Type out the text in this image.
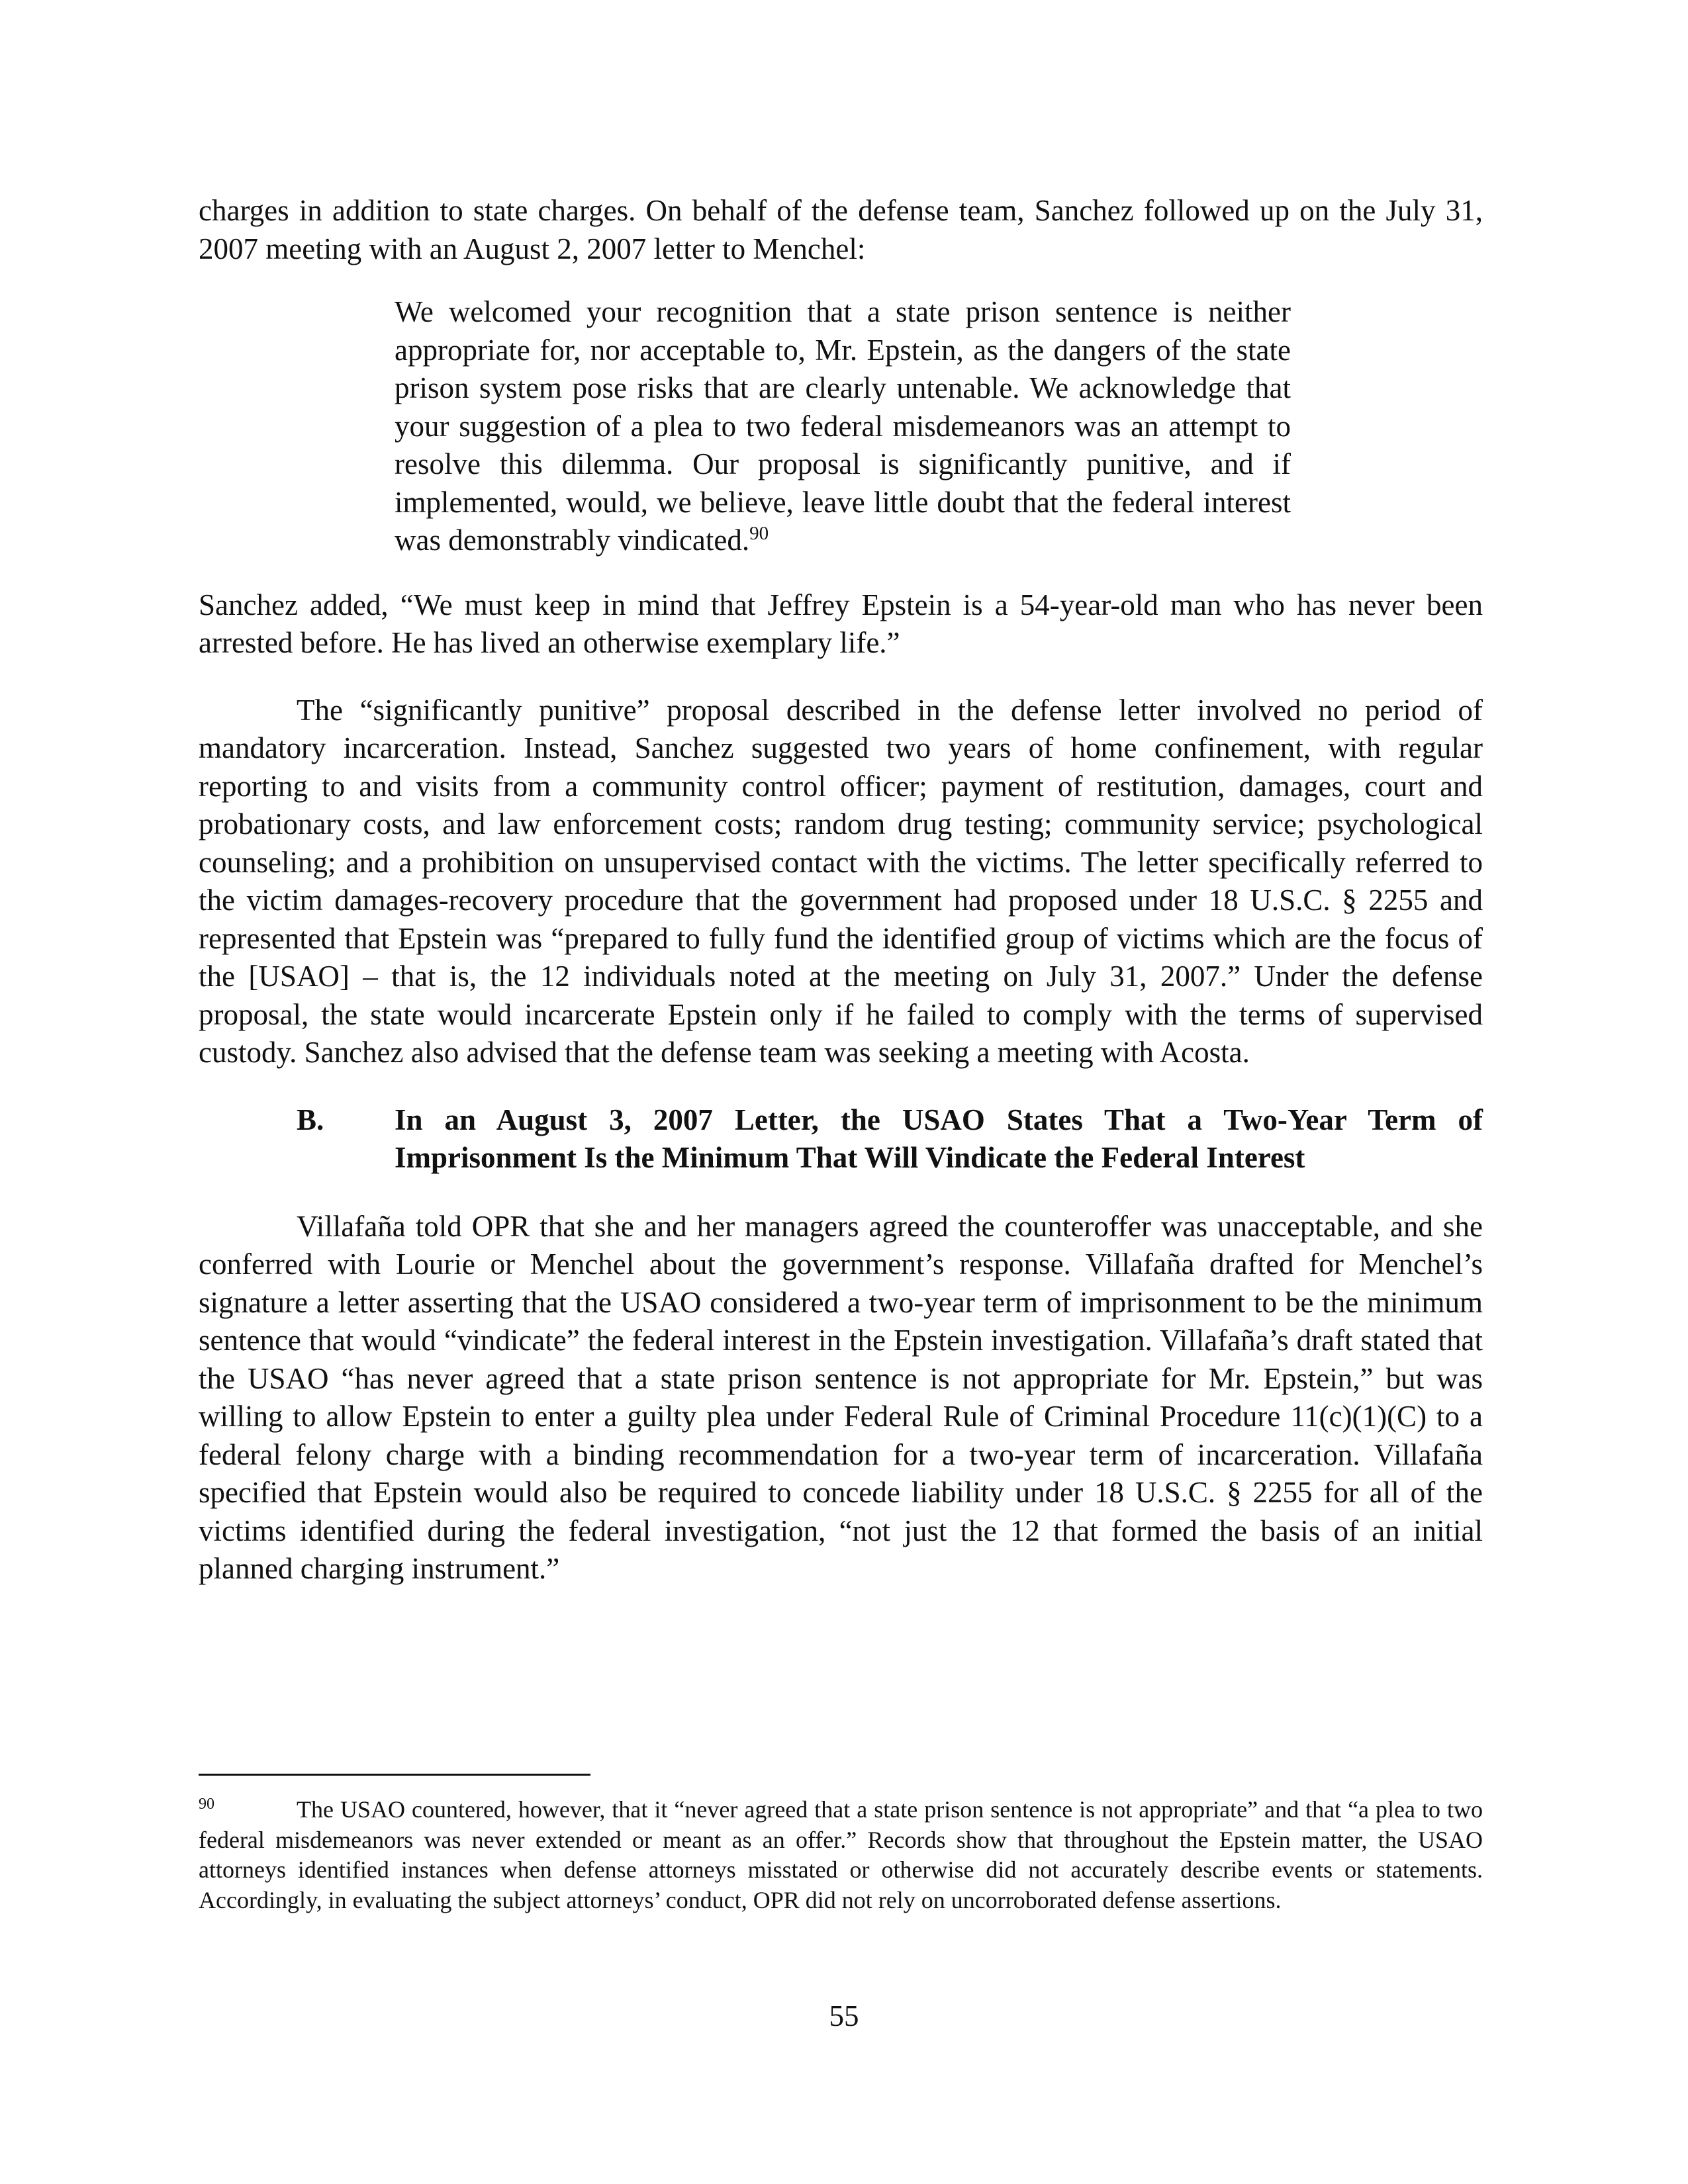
charges in addition to state charges. On behalf of the defense team, Sanchez followed up on the July 31, 2007 meeting with an August 2, 2007 letter to Menchel:

We welcomed your recognition that a state prison sentence is neither appropriate for, nor acceptable to, Mr. Epstein, as the dangers of the state prison system pose risks that are clearly untenable. We acknowledge that your suggestion of a plea to two federal misdemeanors was an attempt to resolve this dilemma. Our proposal is significantly punitive, and if implemented, would, we believe, leave little doubt that the federal interest was demonstrably vindicated.$^{90}$

Sanchez added, “We must keep in mind that Jeffrey Epstein is a 54-year-old man who has never been arrested before. He has lived an otherwise exemplary life.”

The “significantly punitive” proposal described in the defense letter involved no period of mandatory incarceration. Instead, Sanchez suggested two years of home confinement, with regular reporting to and visits from a community control officer; payment of restitution, damages, court and probationary costs, and law enforcement costs; random drug testing; community service; psychological counseling; and a prohibition on unsupervised contact with the victims. The letter specifically referred to the victim damages-recovery procedure that the government had proposed under 18 U.S.C. § 2255 and represented that Epstein was “prepared to fully fund the identified group of victims which are the focus of the [USAO] – that is, the 12 individuals noted at the meeting on July 31, 2007.” Under the defense proposal, the state would incarcerate Epstein only if he failed to comply with the terms of supervised custody. Sanchez also advised that the defense team was seeking a meeting with Acosta.

B. In an August 3, 2007 Letter, the USAO States That a Two-Year Term of Imprisonment Is the Minimum That Will Vindicate the Federal Interest

Villafaña told OPR that she and her managers agreed the counteroffer was unacceptable, and she conferred with Lourie or Menchel about the government’s response. Villafaña drafted for Menchel’s signature a letter asserting that the USAO considered a two-year term of imprisonment to be the minimum sentence that would “vindicate” the federal interest in the Epstein investigation. Villafaña’s draft stated that the USAO “has never agreed that a state prison sentence is not appropriate for Mr. Epstein,” but was willing to allow Epstein to enter a guilty plea under Federal Rule of Criminal Procedure 11(c)(1)(C) to a federal felony charge with a binding recommendation for a two-year term of incarceration. Villafaña specified that Epstein would also be required to concede liability under 18 U.S.C. § 2255 for all of the victims identified during the federal investigation, “not just the 12 that formed the basis of an initial planned charging instrument.”

$^{90}$	The USAO countered, however, that it “never agreed that a state prison sentence is not appropriate” and that “a plea to two federal misdemeanors was never extended or meant as an offer.” Records show that throughout the Epstein matter, the USAO attorneys identified instances when defense attorneys misstated or otherwise did not accurately describe events or statements. Accordingly, in evaluating the subject attorneys’ conduct, OPR did not rely on uncorroborated defense assertions.
55
